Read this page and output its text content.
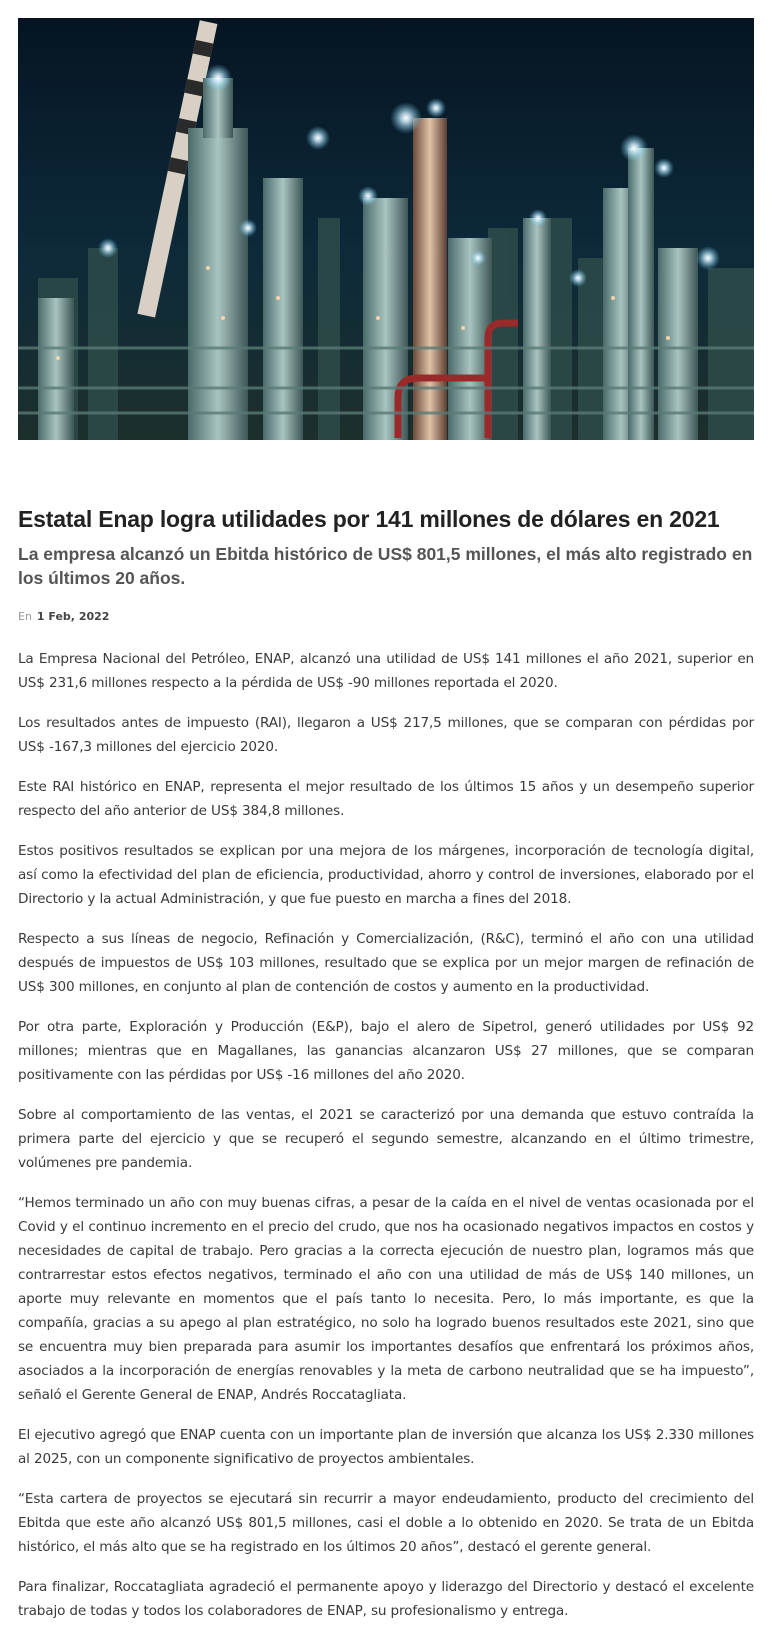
Estatal Enap logra utilidades por 141 millones de dólares en 2021
La empresa alcanzó un Ebitda histórico de US$ 801,5 millones, el más alto registrado en los últimos 20 años.
En 1 Feb, 2022

La Empresa Nacional del Petróleo, ENAP, alcanzó una utilidad de US$ 141 millones el año 2021, superior en US$ 231,6 millones respecto a la pérdida de US$ -90 millones reportada el 2020.

Los resultados antes de impuesto (RAI), llegaron a US$ 217,5 millones, que se comparan con pérdidas por US$ -167,3 millones del ejercicio 2020.

Este RAI histórico en ENAP, representa el mejor resultado de los últimos 15 años y un desempeño superior respecto del año anterior de US$ 384,8 millones.

Estos positivos resultados se explican por una mejora de los márgenes, incorporación de tecnología digital, así como la efectividad del plan de eficiencia, productividad, ahorro y control de inversiones, elaborado por el Directorio y la actual Administración, y que fue puesto en marcha a fines del 2018.

Respecto a sus líneas de negocio, Refinación y Comercialización, (R&C), terminó el año con una utilidad después de impuestos de US$ 103 millones, resultado que se explica por un mejor margen de refinación de US$ 300 millones, en conjunto al plan de contención de costos y aumento en la productividad.

Por otra parte, Exploración y Producción (E&P), bajo el alero de Sipetrol, generó utilidades por US$ 92 millones; mientras que en Magallanes, las ganancias alcanzaron US$ 27 millones, que se comparan positivamente con las pérdidas por US$ -16 millones del año 2020.

Sobre al comportamiento de las ventas, el 2021 se caracterizó por una demanda que estuvo contraída la primera parte del ejercicio y que se recuperó el segundo semestre, alcanzando en el último trimestre, volúmenes pre pandemia.

“Hemos terminado un año con muy buenas cifras, a pesar de la caída en el nivel de ventas ocasionada por el Covid y el continuo incremento en el precio del crudo, que nos ha ocasionado negativos impactos en costos y necesidades de capital de trabajo. Pero gracias a la correcta ejecución de nuestro plan, logramos más que contrarrestar estos efectos negativos, terminado el año con una utilidad de más de US$ 140 millones, un aporte muy relevante en momentos que el país tanto lo necesita. Pero, lo más importante, es que la compañía, gracias a su apego al plan estratégico, no solo ha logrado buenos resultados este 2021, sino que se encuentra muy bien preparada para asumir los importantes desafíos que enfrentará los próximos años, asociados a la incorporación de energías renovables y la meta de carbono neutralidad que se ha impuesto”, señaló el Gerente General de ENAP, Andrés Roccatagliata.

El ejecutivo agregó que ENAP cuenta con un importante plan de inversión que alcanza los US$ 2.330 millones al 2025, con un componente significativo de proyectos ambientales.

“Esta cartera de proyectos se ejecutará sin recurrir a mayor endeudamiento, producto del crecimiento del Ebitda que este año alcanzó US$ 801,5 millones, casi el doble a lo obtenido en 2020. Se trata de un Ebitda histórico, el más alto que se ha registrado en los últimos 20 años”, destacó el gerente general.

Para finalizar, Roccatagliata agradeció el permanente apoyo y liderazgo del Directorio y destacó el excelente trabajo de todas y todos los colaboradores de ENAP, su profesionalismo y entrega.
